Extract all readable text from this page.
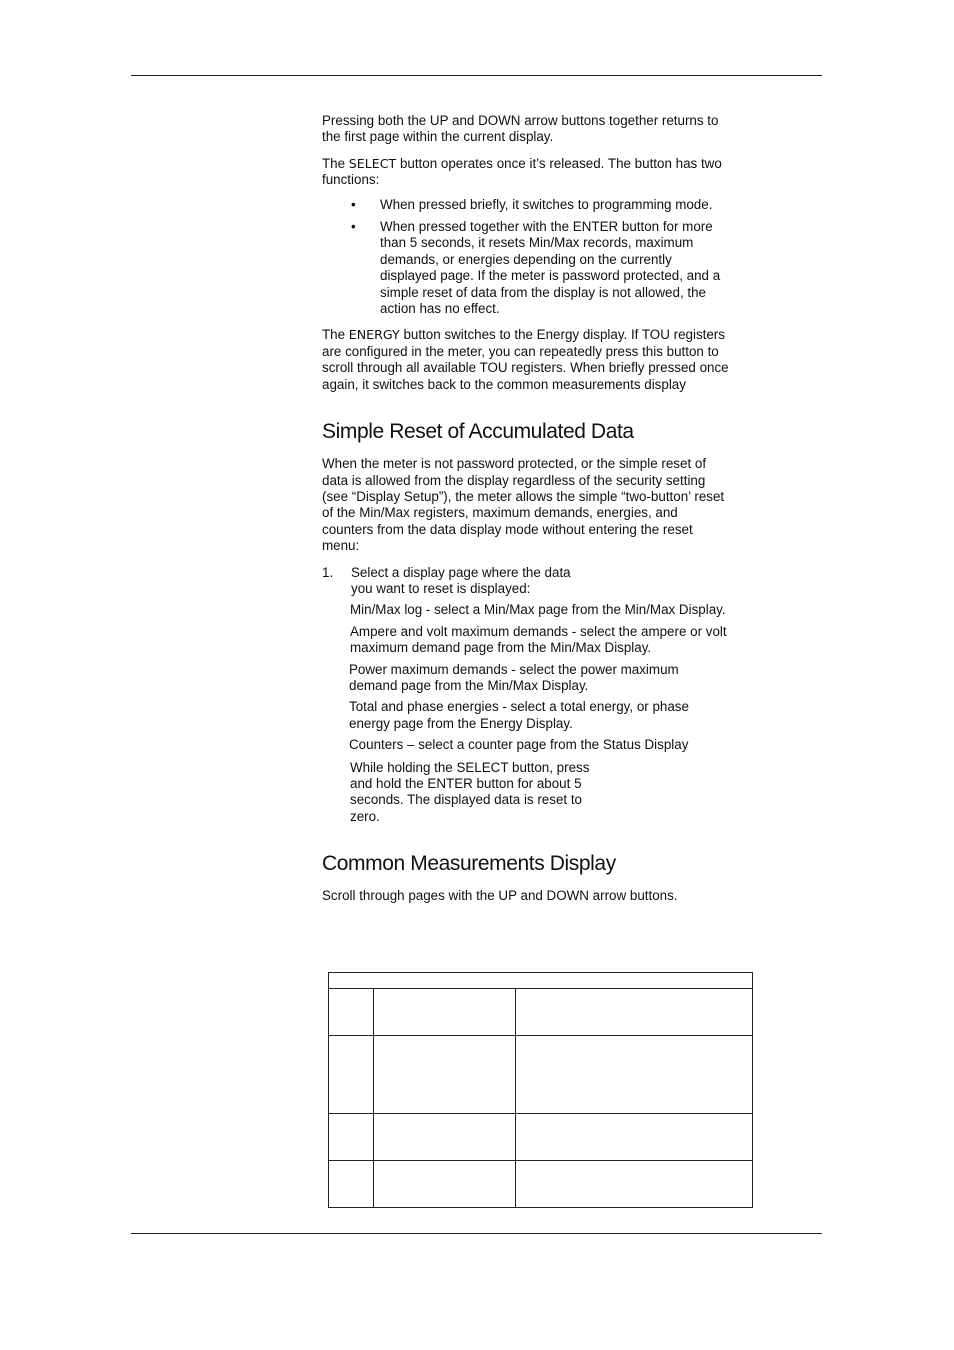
Pressing both the UP and DOWN arrow buttons together returns to the first page within the current display.

The SELECT button operates once it’s released. The button has two functions:

• When pressed briefly, it switches to programming mode.
• When pressed together with the ENTER button for more than 5 seconds, it resets Min/Max records, maximum demands, or energies depending on the currently displayed page. If the meter is password protected, and a simple reset of data from the display is not allowed, the action has no effect.

The ENERGY button switches to the Energy display. If TOU registers are configured in the meter, you can repeatedly press this button to scroll through all available TOU registers. When briefly pressed once again, it switches back to the common measurements display

Simple Reset of Accumulated Data

When the meter is not password protected, or the simple reset of data is allowed from the display regardless of the security setting (see “Display Setup”), the meter allows the simple “two-button’ reset of the Min/Max registers, maximum demands, energies, and counters from the data display mode without entering the reset menu:

1. Select a display page where the data
you want to reset is displayed:
Min/Max log - select a Min/Max page from the Min/Max Display.
Ampere and volt maximum demands - select the ampere or volt maximum demand page from the Min/Max Display.
Power maximum demands - select the power maximum demand page from the Min/Max Display.
Total and phase energies - select a total energy, or phase energy page from the Energy Display.
Counters – select a counter page from the Status Display
While holding the SELECT button, press and hold the ENTER button for about 5 seconds. The displayed data is reset to zero.
Common Measurements Display

Scroll through pages with the UP and DOWN arrow buttons.
